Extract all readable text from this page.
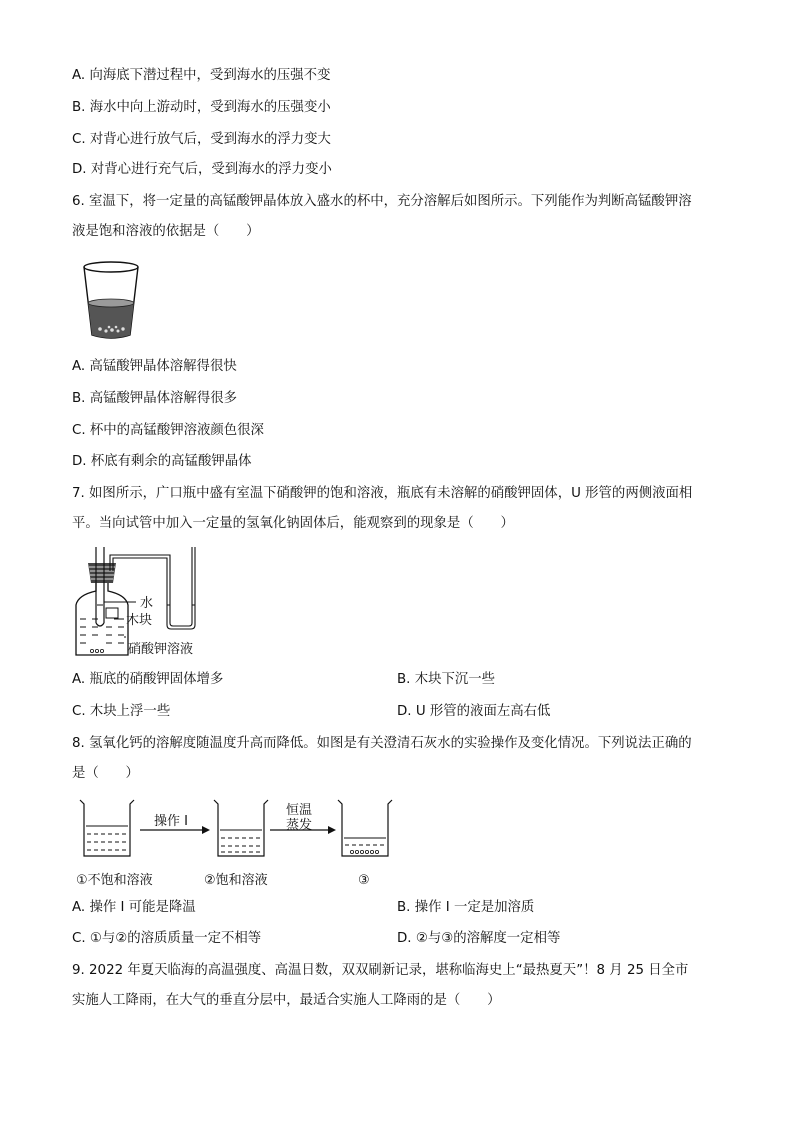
A. 向海底下潜过程中，受到海水的压强不变
B. 海水中向上游动时，受到海水的压强变小
C. 对背心进行放气后，受到海水的浮力变大
D. 对背心进行充气后，受到海水的浮力变小
6. 室温下，将一定量的高锰酸钾晶体放入盛水的杯中，充分溶解后如图所示。下列能作为判断高锰酸钾溶
液是饱和溶液的依据是（　　）
A. 高锰酸钾晶体溶解得很快
B. 高锰酸钾晶体溶解得很多
C. 杯中的高锰酸钾溶液颜色很深
D. 杯底有剩余的高锰酸钾晶体
7. 如图所示，广口瓶中盛有室温下硝酸钾的饱和溶液，瓶底有未溶解的硝酸钾固体，U 形管的两侧液面相
平。当向试管中加入一定量的氢氧化钠固体后，能观察到的现象是（　　）
水
木块
硝酸钾溶液
A. 瓶底的硝酸钾固体增多	B. 木块下沉一些
C. 木块上浮一些	D. U 形管的液面左高右低
8. 氢氧化钙的溶解度随温度升高而降低。如图是有关澄清石灰水的实验操作及变化情况。下列说法正确的
是（　　）
操作 I
恒温
蒸发
①不饱和溶液	②饱和溶液	③
A. 操作 I 可能是降温	B. 操作 I 一定是加溶质
C. ①与②的溶质质量一定不相等	D. ②与③的溶解度一定相等
9. 2022 年夏天临海的高温强度、高温日数，双双刷新记录，堪称临海史上“最热夏天”！8 月 25 日全市
实施人工降雨，在大气的垂直分层中，最适合实施人工降雨的是（　　）
